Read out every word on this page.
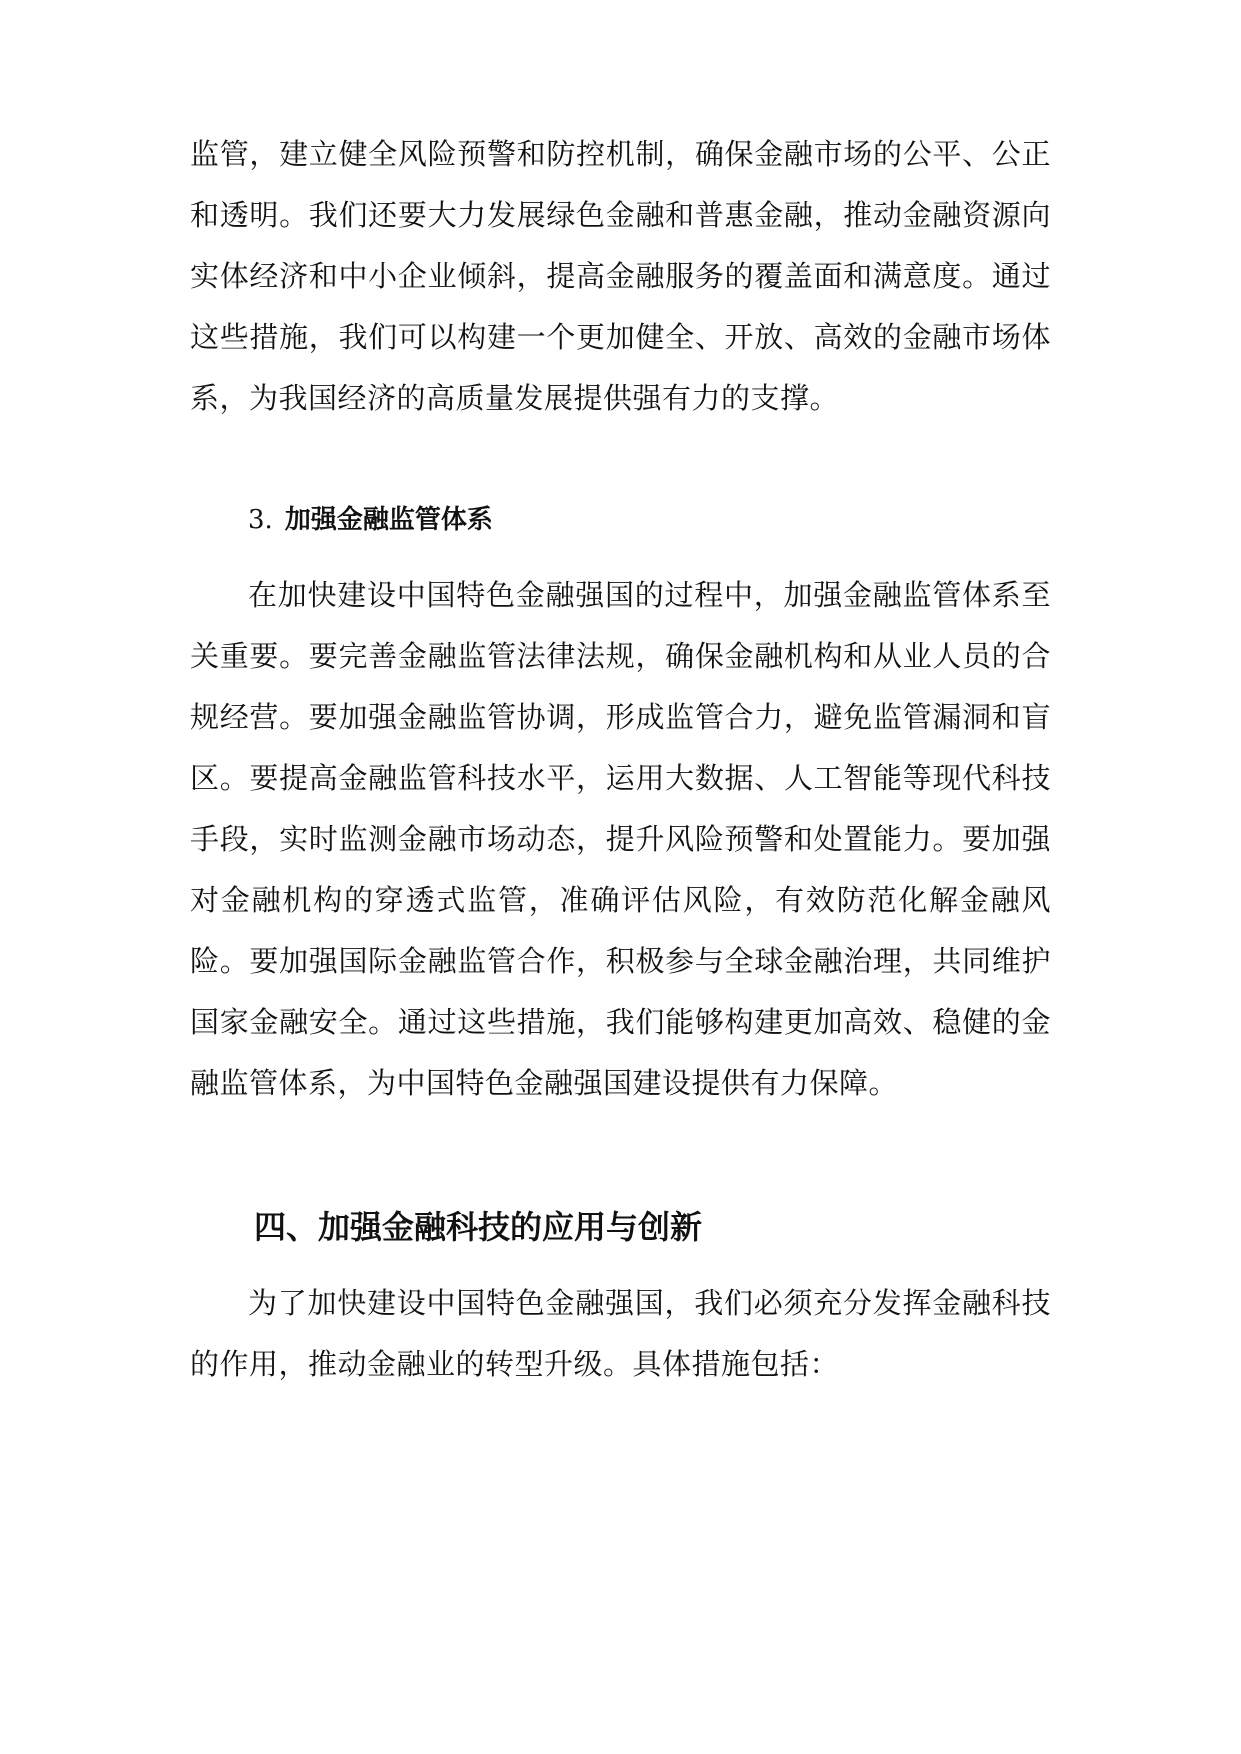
监管，建立健全风险预警和防控机制，确保金融市场的公平、公正和透明。我们还要大力发展绿色金融和普惠金融，推动金融资源向实体经济和中小企业倾斜，提高金融服务的覆盖面和满意度。通过这些措施，我们可以构建一个更加健全、开放、高效的金融市场体系，为我国经济的高质量发展提供强有力的支撑。

3. 加强金融监管体系

在加快建设中国特色金融强国的过程中，加强金融监管体系至关重要。要完善金融监管法律法规，确保金融机构和从业人员的合规经营。要加强金融监管协调，形成监管合力，避免监管漏洞和盲区。要提高金融监管科技水平，运用大数据、人工智能等现代科技手段，实时监测金融市场动态，提升风险预警和处置能力。要加强对金融机构的穿透式监管，准确评估风险，有效防范化解金融风险。要加强国际金融监管合作，积极参与全球金融治理，共同维护国家金融安全。通过这些措施，我们能够构建更加高效、稳健的金融监管体系，为中国特色金融强国建设提供有力保障。

四、加强金融科技的应用与创新

为了加快建设中国特色金融强国，我们必须充分发挥金融科技的作用，推动金融业的转型升级。具体措施包括：
